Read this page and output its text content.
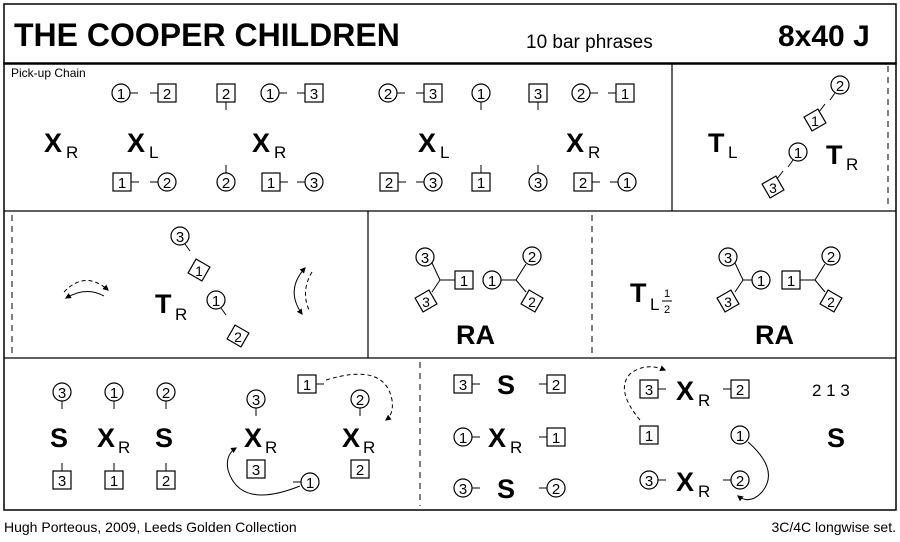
THE COOPER CHILDREN	10 bar phrases	8x40 J
Pick-up Chain
1	2	2 1 3	2 3	1	3 2 1
X R X L	X R	X L	X R
1 2	2 1 3	2 3	1	3 2 1
T L	T R
2
1
1
3
T R
3
1
1
2
3
3
1 1
2
2
RA
T L
1
2
3
3
1 1
2
2
RA
3	1	2
S X R S
3	1	2
3
X R
3
1
1
2
X R
2
3 S 2
1 X R 1
3 S 2
3 X R
2
1	1
3 X R
2
2 1 3
S
Hugh Porteous, 2009, Leeds Golden Collection	3C/4C longwise set.
